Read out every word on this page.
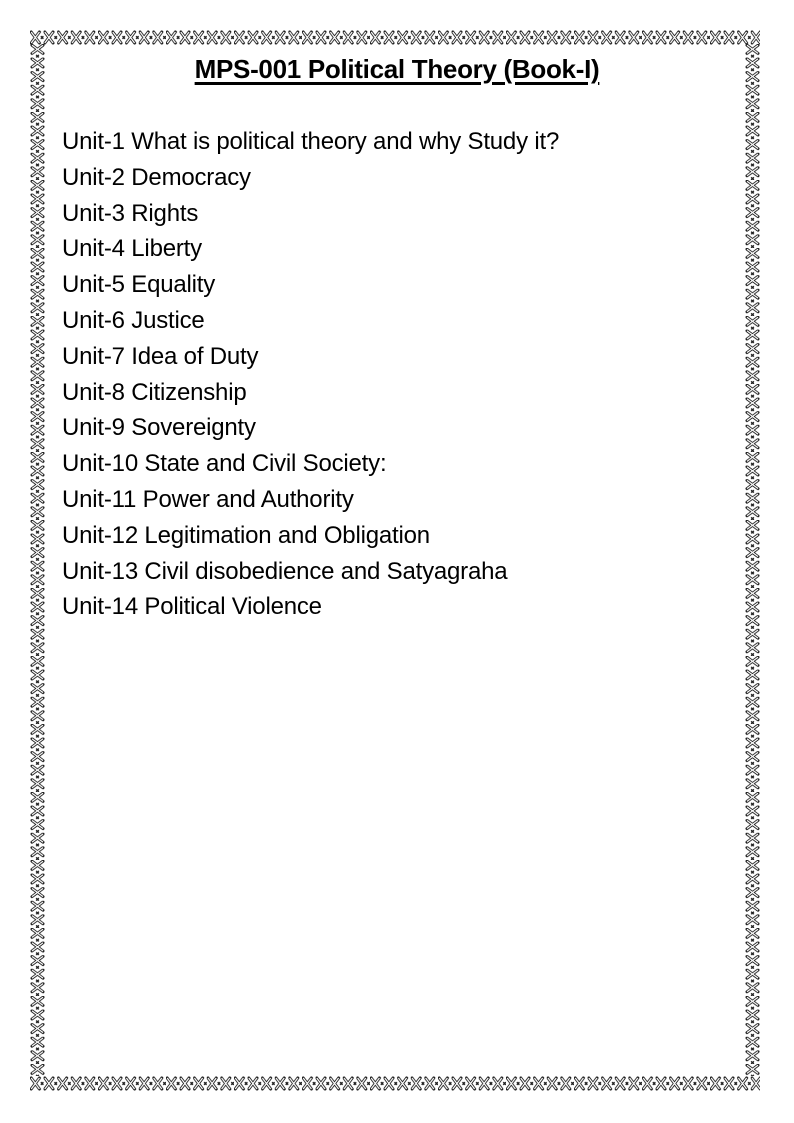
MPS-001 Political Theory (Book-I)
Unit-1 What is political theory and why Study it?
Unit-2 Democracy
Unit-3 Rights
Unit-4 Liberty
Unit-5 Equality
Unit-6 Justice
Unit-7 Idea of Duty
Unit-8 Citizenship
Unit-9 Sovereignty
Unit-10 State and Civil Society:
Unit-11 Power and Authority
Unit-12 Legitimation and Obligation
Unit-13 Civil disobedience and Satyagraha
Unit-14 Political Violence
